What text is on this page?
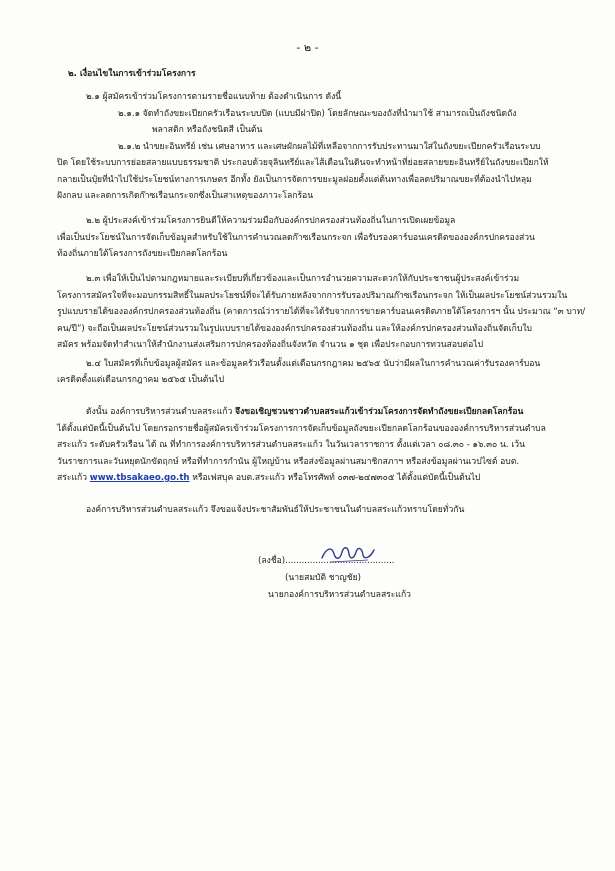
- ๒ -
๒. เงื่อนไขในการเข้าร่วมโครงการ
๒.๑ ผู้สมัครเข้าร่วมโครงการตามรายชื่อแนบท้าย ต้องดำเนินการ ดังนี้
๒.๑.๑ จัดทำถังขยะเปียกครัวเรือนระบบปิด (แบบมีฝาปิด) โดยลักษณะของถังที่นำมาใช้ สามารถเป็นถังชนิดถัง
พลาสติก หรือถังชนิดสี เป็นต้น
๒.๑.๒ นำขยะอินทรีย์ เช่น เศษอาหาร และเศษผักผลไม้ที่เหลือจากการรับประทานมาใส่ในถังขยะเปียกครัวเรือนระบบ
ปิด โดยใช้ระบบการย่อยสลายแบบธรรมชาติ ประกอบด้วยจุลินทรีย์และไส้เดือนในดินจะทำหน้าที่ย่อยสลายขยะอินทรีย์ในถังขยะเปียกให้
กลายเป็นปุ๋ยที่นำไปใช้ประโยชน์ทางการเกษตร อีกทั้ง ยังเป็นการจัดการขยะมูลฝอยตั้งแต่ต้นทางเพื่อลดปริมาณขยะที่ต้องนำไปหลุม
ฝังกลบ และลดการเกิดก๊าซเรือนกระจกซึ่งเป็นสาเหตุของภาวะโลกร้อน
๒.๒ ผู้ประสงค์เข้าร่วมโครงการยินดีให้ความร่วมมือกับองค์กรปกครองส่วนท้องถิ่นในการเปิดเผยข้อมูล
เพื่อเป็นประโยชน์ในการจัดเก็บข้อมูลสำหรับใช้ในการคำนวณลดก๊าซเรือนกระจก เพื่อรับรองคาร์บอนเครดิตขององค์กรปกครองส่วน
ท้องถิ่นภายใต้โครงการถังขยะเปียกลดโลกร้อน
๒.๓ เพื่อให้เป็นไปตามกฎหมายและระเบียบที่เกี่ยวข้องและเป็นการอำนวยความสะดวกให้กับประชาชนผู้ประสงค์เข้าร่วม
โครงการสมัครใจที่จะมอบกรรมสิทธิ์ในผลประโยชน์ที่จะได้รับภายหลังจากการรับรองปริมาณก๊าซเรือนกระจก ให้เป็นผลประโยชน์ส่วนรวมใน
รูปแบบรายได้ขององค์กรปกครองส่วนท้องถิ่น (คาดการณ์ว่ารายได้ที่จะได้รับจากการขายคาร์บอนเครดิตภายใต้โครงการฯ นั้น ประมาณ “๓ บาท/
คน/ปี”) จะถือเป็นผลประโยชน์ส่วนรวมในรูปแบบรายได้ขององค์กรปกครองส่วนท้องถิ่น และให้องค์กรปกครองส่วนท้องถิ่นจัดเก็บใบ
สมัคร พร้อมจัดทำสำเนาให้สำนักงานส่งเสริมการปกครองท้องถิ่นจังหวัด จำนวน ๑ ชุด เพื่อประกอบการทวนสอบต่อไป
๒.๔ ใบสมัครที่เก็บข้อมูลผู้สมัคร และข้อมูลครัวเรือนตั้งแต่เดือนกรกฎาคม ๒๕๖๕ นับว่ามีผลในการคำนวณค่ารับรองคาร์บอน
เครดิตตั้งแต่เดือนกรกฎาคม ๒๕๖๕ เป็นต้นไป
ดังนั้น องค์การบริหารส่วนตำบลสระแก้ว จึงขอเชิญชวนชาวตำบลสระแก้วเข้าร่วมโครงการจัดทำถังขยะเปียกลดโลกร้อน
ได้ตั้งแต่บัดนี้เป็นต้นไป โดยกรอกรายชื่อผู้สมัครเข้าร่วมโครงการการจัดเก็บข้อมูลถังขยะเปียกลดโลกร้อนขององค์การบริหารส่วนตำบล
สระแก้ว ระดับครัวเรือน ได้ ณ ที่ทำการองค์การบริหารส่วนตำบลสระแก้ว ในวันเวลาราชการ ตั้งแต่เวลา ๐๘.๓๐ - ๑๖.๓๐ น. เว้น
วันราชการและวันหยุดนักขัตฤกษ์ หรือที่ทำการกำนัน ผู้ใหญ่บ้าน หรือส่งข้อมูลผ่านสมาชิกสภาฯ หรือส่งข้อมูลผ่านเวปไซต์ อบต.
สระแก้ว www.tbsakaeo.go.th หรือเฟสบุค อบต.สระแก้ว หรือโทรศัพท์ ๐๓๗-๒๔๗๓๐๕ ได้ตั้งแต่บัดนี้เป็นต้นไป
องค์การบริหารส่วนตำบลสระแก้ว จึงขอแจ้งประชาสัมพันธ์ให้ประชาชนในตำบลสระแก้วทราบโดยทั่วกัน
(ลงชื่อ)........................................
(นายสมบัติ ชาญชัย)
นายกองค์การบริหารส่วนตำบลสระแก้ว
